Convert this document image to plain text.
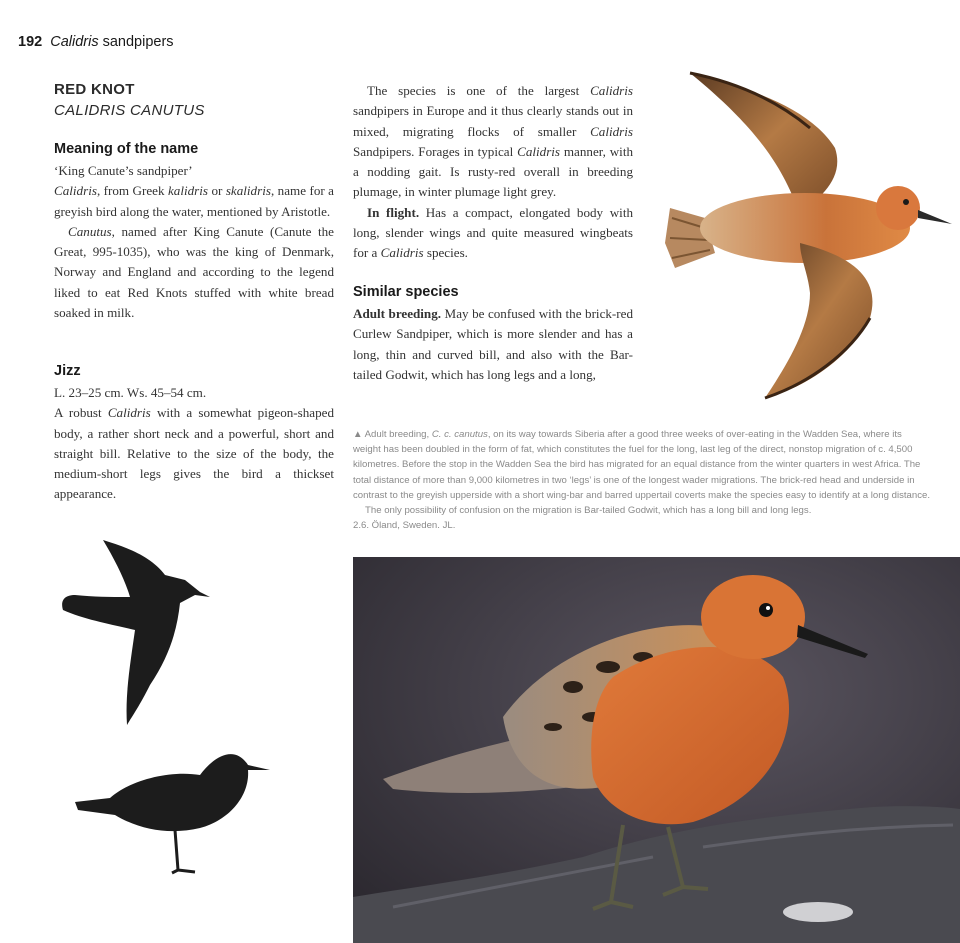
192 Calidris sandpipers
RED KNOT
CALIDRIS CANUTUS
Meaning of the name

‘King Canute’s sandpiper’

Calidris, from Greek kalidris or skalidris, name for a greyish bird along the water, mentioned by Aristotle.

Canutus, named after King Canute (Canute the Great, 995-1035), who was the king of Denmark, Norway and England and according to the legend liked to eat Red Knots stuffed with white bread soaked in milk.

Jizz

L. 23–25 cm. Ws. 45–54 cm.

A robust Calidris with a somewhat pigeon-shaped body, a rather short neck and a powerful, short and straight bill. Relative to the size of the body, the medium-short legs gives the bird a thickset appearance.

The species is one of the largest Calidris sandpipers in Europe and it thus clearly stands out in mixed, migrating flocks of smaller Calidris Sandpipers. Forages in typical Calidris manner, with a nodding gait. Is rusty-red overall in breeding plumage, in winter plumage light grey.

In flight. Has a compact, elongated body with long, slender wings and quite measured wingbeats for a Calidris species.

Similar species

Adult breeding. May be confused with the brick-red Curlew Sandpiper, which is more slender and has a long, thin and curved bill, and also with the Bar-tailed Godwit, which has long legs and a long,

▲ Adult breeding, C. c. canutus, on its way towards Siberia after a good three weeks of over-eating in the Wadden Sea, where its weight has been doubled in the form of fat, which constitutes the fuel for the long, last leg of the direct, nonstop migration of c. 4,500 kilometres. Before the stop in the Wadden Sea the bird has migrated for an equal distance from the winter quarters in west Africa. The total distance of more than 9,000 kilometres in two ‘legs’ is one of the longest wader migrations. The brick-red head and underside in contrast to the greyish upperside with a short wing-bar and barred uppertail coverts make the species easy to identify at a long distance.
The only possibility of confusion on the migration is Bar-tailed Godwit, which has a long bill and long legs.
2.6. Öland, Sweden. JL.
